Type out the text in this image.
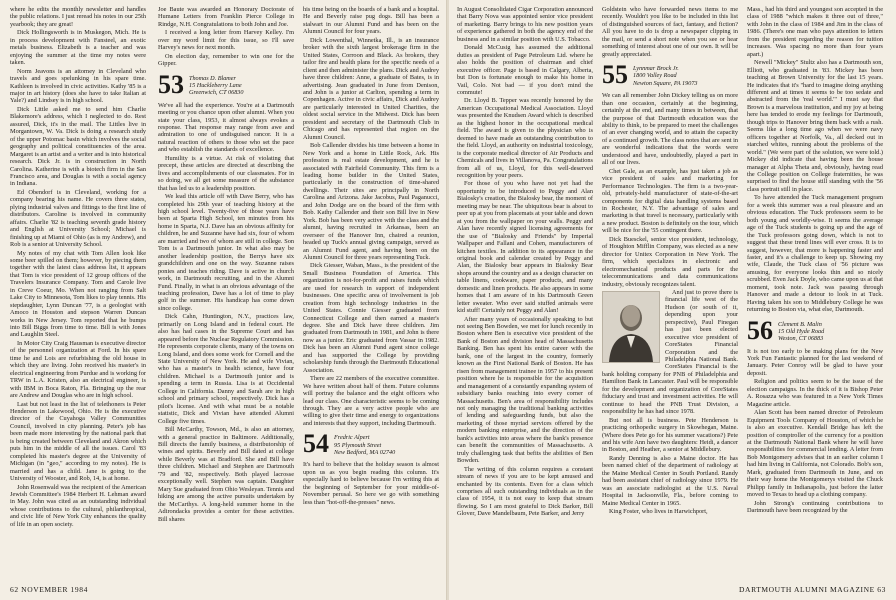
where he edits the monthly newsletter and handles the public relations. I just reread his notes in our 25th yearbook; they are great!

Dick Hollingsworth is in Muskegon, Mich. He is in process development with Fansteel, an exotic metals business. Elizabeth is a teacher and was enjoying the summer at the time my notes were taken.

Norm Jeavons is an attorney in Cleveland who travels and goes spelunking in his spare time. Kathleen is involved in civic activities. Kathy '85 is a major in art history (does she have to take Italian at Yale?) and Lindsey is in high school.

Dick Little asked me to send him Charlie Blakemore's address, which I neglected to do. Rest assured, Dick, it's in the mail. The Littles live in Morgantown, W. Va. Dick is doing a research study of the upper Potomac basin which involves the social geography and political constituencies of the area. Margaret is an artist and a writer and is into historical research. Dick Jr. is in construction in North Carolina. Katherine is with a biotech firm in the San Francisco area, and Douglas is with a social agency in Indiana.

Ed Obendorf is in Cleveland, working for a company bearing his name. He covers three states, plying industrial valves and fittings to the first line of distributors. Caroline is involved in community affairs. Charlie '82 is teaching seventh grade history and English at University School; Michael is finishing up at Miami of Ohio (as is my Andrew), and Rob is a senior at University School.

My notes of my chat with Tom Allen look like some beer spilled on them; however, by piecing them together with the latest class address list, it appears that Tom is vice president of 12 group offices of the Travelers Insurance Company. Tom and Carole live in Creve Coeur, Mo. When not ranging from Salt Lake City to Minnesota, Tom likes to play tennis. His stepdaughter, Lynn Duncan '77, is a geologist with Amoco in Houston and stepson Warren Duncan works in New Jersey. Tom reported that he bumps into Bill Biggs from time to time. Bill is with Jones and Laughlin Steel.

In Motor City Craig Hausman is executive director of the personnel organization at Ford. In his spare time he and Lois are refurbishing the old house in which they are living. John received his master's in electrical engineering from Purdue and is working for TRW in L.A. Kristen, also an electrical engineer, is with IBM in Boca Raton, Fla. Bringing up the rear are Andrew and Douglas who are in high school.

Last but not least in the list of telethoners is Peter Henderson in Lakewood, Ohio. He is the executive director of the Cuyahoga Valley Communities Council, involved in city planning. Peter's job has been made more interesting by the national park that is being created between Cleveland and Akron which puts him in the middle of all the issues. Carol '83 completed his master's degree at the University of Michigan (in "geo," according to my notes). He is married and has a child. Jane is going to the University of Wooster, and Rob, 14, is at home.

John Rosenwald was the recipient of the American Jewish Committee's 1984 Herbert H. Lehman award in May. John was cited as an outstanding individual whose contributions to the cultural, philanthropical, and civic life of New York City enhances the quality of life in an open society.

Joe Baute was awarded an Honorary Doctorate of Humane Letters from Franklin Pierce College in Rindge, N.H. Congratulations to both John and Joe.

I received a long letter from Harvey Kelley. I'm over my word limit for this issue, so I'll save Harvey's news for next month.

On election day, remember to win one for the Gipper.

53 Thomas D. Blamer
15 Huckleberry Lane
Greenwich, CT 06830

We've all had the experience. You're at a Dartmouth meeting or you chance upon other alumni. When you state your class, 1953, it almost always evokes a response. That response may range from awe and admiration to one of undisguised rancor. It is a natural reaction of others to those who set the pace and who establish the standards of excellence.

Humility is a virtue. At risk of violating that precept, these articles are directed at describing the lives and accomplishments of our classmates. For in so doing, we all get some measure of the substance that has led us to a leadership position.

We lead this article off with Dave Berry, who has completed his 29th year of teaching history at the high school level. Twenty-five of those years have been at Sparta High School, ten minutes from his home in Sparta, N.J. Dave has an obvious affinity for children, he and Suzanne have had six, four of whom are married and two of whom are still in college. Son Tom is a Dartmouth junior. In what also may be another leadership position, the Berrys have six grandchildren and one on the way. Suzanne raises ponies and teaches riding. Dave is active in church work, in Dartmouth recruiting, and in the Alumni Fund. Finally, in what is an obvious advantage of the teaching profession, Dave has a lot of time to play golf in the summer. His handicap has come down since college.

Dick Cahn, Huntington, N.Y., practices law, primarily on Long Island and in federal court. He also has had cases in the Supreme Court and has appeared before the Nuclear Regulatory Commission. He represents corporate clients, many of the towns on Long Island, and does some work for Cornell and the State University of New York. He and wife Vivian, who has a master's in health science, have four children. Michael is a Dartmouth junior and is spending a term in Russia. Lisa is at Occidental College in California. Danny and Sarah are in high school and primary school, respectively. Dick has a pilot's license. And with what must be a notable statistic, Dick and Vivian have attended Alumni College five times.

Bill McCarthy, Towson, Md., is also an attorney, with a general practice in Baltimore. Additionally, Bill directs the family business, a distributorship of wines and spirits. Beverly and Bill dated at college while Beverly was at Bradford. She and Bill have three children. Michael and Stephen are Dartmouth '79 and '82, respectively. Both played lacrosse exceptionally well. Stephen was captain. Daughter Mary Sue graduated from Ohio Wesleyan. Tennis and hiking are among the active pursuits undertaken by the McCarthys. A long-held summer home in the Adirondacks provides a center for these activities. Bill shares

his time being on the boards of a bank and a hospital. He and Beverly raise pug dogs. Bill has been a stalwart in our Alumni Fund and has been on the Alumni Council for four years.

Dick Lowenthal, Winnetka, Ill., is an insurance broker with the sixth largest brokerage firm in the United States, Corroon and Black. As brokers, they tailor fire and health plans for the specific needs of a client and then administer the plans. Dick and Audrey have three children: Anne, a graduate of Bates, is in advertising. Jean graduated in June from Denison, and John is a junior at Carlton, spending a term in Copenhagen. Active in civic affairs, Dick and Audrey are particularly interested in United Charities, the oldest social service in the Midwest. Dick has been president and secretary of the Dartmouth Club in Chicago and has represented that region on the Alumni Council.

Bob Callender divides his time between a home in New York and a home in Little Rock, Ark. His profession is real estate development, and he is associated with Fairfield Community. This firm is a leading home builder in the United States, particularly in the construction of time-shared dwellings. Their sites are principally in North Carolina and Arizona. Jake Jacobus, Paul Paganucci, and John Dodge are on the board of the firm with Bob. Kathy Callender and their son Bill live in New York. Bob has been very active with the class and the alumni, having recruited in Arkansas, been an overseer of the Hanover Inn, chaired a reunion, headed up Tuck's annual giving campaign, served as an Alumni Fund agent, and having been on the Alumni Council for three years representing Tuck.

Dick Giesser, Waban, Mass., is the president of the Small Business Foundation of America. This organization is not-for-profit and raises funds which are used for research in support of independent businesses. One specific area of involvement is job creation from high technology industries in the United States. Connie Giesser graduated from Connecticut College and then earned a master's degree. She and Dick have three children. Jim graduated from Dartmouth in 1981, and John is there now as a junior. Eric graduated from Vassar in 1982. Dick has been an Alumni Fund agent since college and has supported the College by providing scholarship funds through the Dartmouth Educational Association.

There are 22 members of the executive committee. We have written about half of them. Future columns will portray the balance and the eight officers who lead our class. One characteristic seems to be coming through. They are a very active people who are willing to give their time and energy to organizations and interests that they support, including Dartmouth.

54 Fredric Alpert
95 Plymouth Street
New Bedford, MA 02740

It's hard to believe that the holiday season is almost upon us as you begin reading this column. It's especially hard to believe because I'm writing this at the beginning of September for your middle-of-November perusal. So here we go with something less than "hot-off-the-presses" news.

62 NOVEMBER 1984

In August Consolidated Cigar Corporation announced that Barry Nova was appointed senior vice president of marketing. Barry brings to his new position years of experience gathered in both the agency end of the business and in a similar position with U.S. Tobacco.

Donald McCusig has assumed the additional duties as president of Page Petroleum Ltd. where he also holds the position of chairman and chief executive officer. Page is based in Calgary, Alberta, but Don is fortunate enough to make his home in Vail, Colo. Not bad — if you don't mind the commute!

Dr. Lloyd B. Tepper was recently honored by the American Occupational Medical Association. Lloyd was presented the Knudsen Award which is described as the highest honor in the occupational medical field. The award is given to the physician who is deemed to have made an outstanding contribution to the field. Lloyd, an authority on industrial toxicology, is the corporate medical director of Air Products and Chemicals and lives in Villanova, Pa. Congratulations from all of us, Lloyd, for this well-deserved recognition by your peers.

For those of you who have not yet had the opportunity to be introduced to Peggy and Alan Bialosky's creation, the Bialosky bear, the moment of meeting may be near. The ubiquitous bear is about to peer up at you from placemats at your table and down at you from the wallpaper on your walls. Peggy and Alan have recently signed licensing agreements for the use of "Bialosky and Friends" by Imperial Wallpaper and Fallani and Cohen, manufacturers of kitchen textiles. In addition to its appearance in the original book and calendar created by Peggy and Alan, the Bialosky bear appears in Bialosky Bear shops around the country and as a design character on table linens, cookware, paper products, and many domestic and linen products. He also appears in some homes that I am aware of in his Dartmouth Green letter sweater. Who ever said stuffed animals were kid stuff! Certainly not Peggy and Alan!

After many years of occasionally speaking to but not seeing Ben Bowden, we met for lunch recently in Boston where Ben is executive vice president of the Bank of Boston and division head of Massachusetts Banking. Ben has spent his entire career with the bank, one of the largest in the country, formerly known as the First National Bank of Boston. He has risen from management trainee in 1957 to his present position where he is responsible for the acquisition and management of a constantly expanding system of subsidiary banks reaching into every corner of Massachusetts. Ben's area of responsibility includes not only managing the traditional banking activities of lending and safeguarding funds, but also the marketing of those myriad services offered by the modern banking enterprise, and the direction of the bank's activities into areas where the bank's presence can benefit the communities of Massachusetts. A truly challenging task that befits the abilities of Ben Bowden.

The writing of this column requires a constant stream of news if you are to be kept amused and enchanted by its contents. Even for a class which comprises all such outstanding individuals as in the class of 1954, it is not easy to keep that stream flowing. So I am most grateful to Dick Barker, Bill Glover, Dave Mandelbaum, Pete Barker, and Jerry

Goldstein who have forwarded news items to me recently. Wouldn't you like to be included in this list of distinguished sources of fact, fantasy, and fiction? All you have to do is drop a newspaper clipping in the mail, or send a short note when you see or hear something of interest about one of our own. It will be greatly appreciated.

55 Lynnmar Brock Jr.
1800 Valley Road
Newton Square, PA 19073

We can all remember John Dickey telling us on more than one occasion, certainly at the beginning, certainly at the end, and many times in between, that the purpose of that Dartmouth education was the ability to think, to be prepared to meet the challenges of an ever changing world, and to attain the capacity of a continued growth. The class notes that are sent in are wonderful indications that the words were understood and have, undoubtedly, played a part in all of our lives.

Chet Gale, as an example, has just taken a job as vice president of sales and marketing for Performance Technologies. The firm is a two-year-old, privately-held manufacturer of state-of-the-art components for digital data handling systems based in Rochester, N.Y. The advantage of sales and marketing is that travel is necessary, particularly with a new product. Boston is definitely on the tour, which will be nice for the '55 contingent there.

Dick Buesckel, senior vice president, technology, of Houghton Mifflin Company, was elected as a new director for Unitex Corporation in New York. The firm, which specializes in electronic and electromechanical products and parts for the telecommunications and data communications industry, obviously recognizes talent.

And just to prove there is financial life west of the Hudson (or south of it, depending upon your perspective), Paul Finegan has just been elected executive vice president of CoreStates Financial Corporation and the Philadelphia National Bank. CoreStates Financial is the bank holding company for PNB of Philadelphia and Hamilton Bank in Lancaster. Paul will be responsible for the development and organization of CoreStates fiduciary and trust and investment activities. He will continue to head the PNB Trust Division, a responsibility he has had since 1978.

But not all is business. Pete Henderson is practicing orthopedic surgery in Skowhegan, Maine. (Where does Pete go for his summer vacations?) Pete and his wife Ann have two daughters: Heidi, a dancer in Boston, and Heather, a senior at Middlebury.

Randy Denning is also a Maine doctor. He has been named chief of the department of radiology at the Maine Medical Center in South Portland. Randy had been assistant chief of radiology since 1979. He was an associate radiologist at the U.S. Naval Hospital in Jacksonville, Fla., before coming to Maine Medical Center in 1965.

King Foster, who lives in Harwichport,

Mass., had his third and youngest son accepted in the class of 1988 "which makes it three out of three," with John in the class of 1984 and Jim in the class of 1986. (There's one man who pays attention to letters from the president regarding the reason for tuition increases. Was spacing no more than four years apart.)

Newell "Mickey" Stultz also has a Dartmouth son, Elliott, who graduated in '83. Mickey has been teaching at Brown University for the last 15 years. He indicates that it's "hard to imagine doing anything different and at times it seems to be too sedate and abstracted from the 'real world.'" I must say that Brown is a marvelous institution, and my joy at being here has tended to erode my feelings for Dartmouth, though trips to Hanover bring them back with a rush. Seems like a long time ago when we were navy officers together at Norfolk, Va., all decked out in starched whites, running about the problems of the world." (We were part of the solution, we were told.) Mickey did indicate that having been the house manager at Alpha Theta and, obviously, having read the College position on College fraternities, he was surprised to find the house still standing with the '56 class portrait still in place.

To have attended the Tuck management program for a week this summer was a real pleasure and an obvious education. The Tuck professors seem to be both young and worldly-wise. It seems the average age of the Tuck students is going up and the age of the Tuck professors going down, which is not to suggest that these trend lines will ever cross. It is to suggest, however, that more is happening faster and faster, and it's a challenge to keep up. Showing my wife, Claude, the Tuck class of '56 picture was amusing, for everyone looks thin and so nicely scrubbed. Even Jack Doyle, who came upon us at that moment, took note. Jack was passing through Hanover and made a detour to look in at Tuck. Having taken his son to Middlebury College he was returning to Boston via, what else, Dartmouth.

56 Clement B. Malin
15 Old Hyde Road
Weston, CT 06883

It is not too early to be making plans for the New York Fun Fantastic planned for the last weekend of January. Peter Conroy will be glad to have your deposit.

Religion and politics seem to be the issue of the election campaigns. In the thick of it is Bishop Peter A. Rosazza who was featured in a New York Times Magazine article.

Alan Scott has been named director of Petroleum Equipment Tools Company of Houston, of which he is also an executive. Kendall Bridge has left the position of comptroller of the currency for a position at the Dartmouth National Bank where he will have responsibilities for commercial lending. A letter from Bob Montgomery advises that in an earlier column I had him living in California, not Colorado. Bob's son, Mark, graduated from Dartmouth in June, and on their way home the Montgomerys visited the Chuck Philipp family in Indianapolis, just before the latter moved to Texas to head up a clothing company.

John Strong's continuing contributions to Dartmouth have been recognized by the

DARTMOUTH ALUMNI MAGAZINE 63
